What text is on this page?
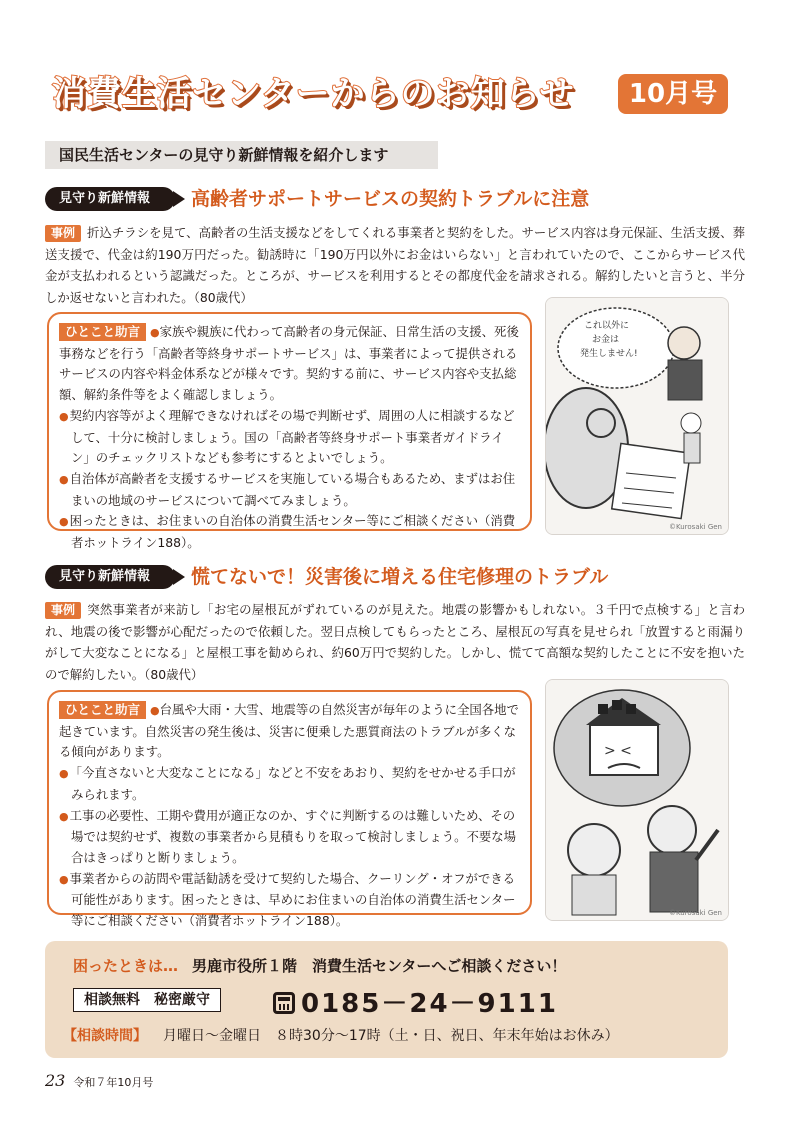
消費生活センターからのお知らせ	10月号
国民生活センターの見守り新鮮情報を紹介します
見守り新鮮情報	高齢者サポートサービスの契約トラブルに注意
事例 折込チラシを見て、高齢者の生活支援などをしてくれる事業者と契約をした。サービス内容は身元保証、生活支援、葬送支援で、代金は約190万円だった。勧誘時に「190万円以外にお金はいらない」と言われていたので、ここからサービス代金が支払われるという認識だった。ところが、サービスを利用するとその都度代金を請求される。解約したいと言うと、半分しか返せないと言われた。（80歳代）
ひとこと助言 ●家族や親族に代わって高齢者の身元保証、日常生活の支援、死後事務などを行う「高齢者等終身サポートサービス」は、事業者によって提供されるサービスの内容や料金体系などが様々です。契約する前に、サービス内容や支払総額、解約条件等をよく確認しましょう。
● 契約内容等がよく理解できなければその場で判断せず、周囲の人に相談するなどして、十分に検討しましょう。国の「高齢者等終身サポート事業者ガイドライン」のチェックリストなども参考にするとよいでしょう。
● 自治体が高齢者を支援するサービスを実施している場合もあるため、まずはお住まいの地域のサービスについて調べてみましょう。
● 困ったときは、お住まいの自治体の消費生活センター等にご相談ください（消費者ホットライン188）。
これ以外に
お金は
発生しません!
©Kurosaki Gen
見守り新鮮情報	慌てないで！災害後に増える住宅修理のトラブル
事例 突然事業者が来訪し「お宅の屋根瓦がずれているのが見えた。地震の影響かもしれない。３千円で点検する」と言われ、地震の後で影響が心配だったので依頼した。翌日点検してもらったところ、屋根瓦の写真を見せられ「放置すると雨漏りがして大変なことになる」と屋根工事を勧められ、約60万円で契約した。しかし、慌てて高額な契約したことに不安を抱いたので解約したい。（80歳代）
ひとこと助言 ●台風や大雨・大雪、地震等の自然災害が毎年のように全国各地で起きています。自然災害の発生後は、災害に便乗した悪質商法のトラブルが多くなる傾向があります。
● 「今直さないと大変なことになる」などと不安をあおり、契約をせかせる手口がみられます。
● 工事の必要性、工期や費用が適正なのか、すぐに判断するのは難しいため、その場では契約せず、複数の事業者から見積もりを取って検討しましょう。不要な場合はきっぱりと断りましょう。
● 事業者からの訪問や電話勧誘を受けて契約した場合、クーリング・オフができる可能性があります。困ったときは、早めにお住まいの自治体の消費生活センター等にご相談ください（消費者ホットライン188）。
> <
©Kurosaki Gen
困ったときは… 男鹿市役所１階　消費生活センターへご相談ください！
相談無料　秘密厳守	0185－24－9111
【相談時間】 月曜日～金曜日　８時30分～17時（土・日、祝日、年末年始はお休み）
23 令和７年10月号
